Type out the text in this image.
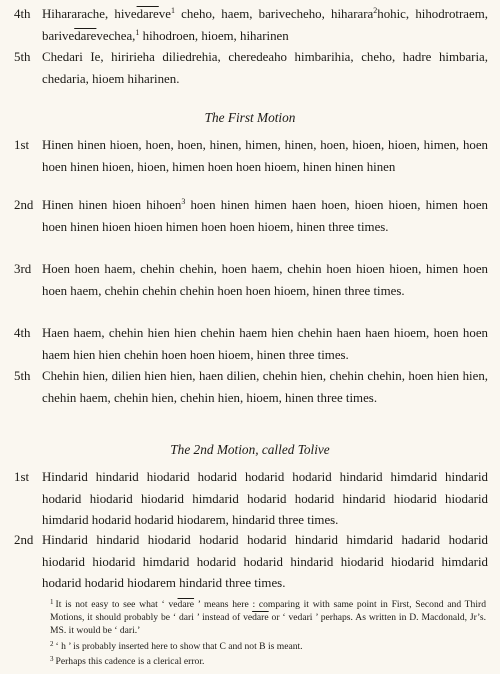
4th Hihararache, hivedareve$^1$ cheho, haem, barivecheho, hiharara$^2$hohic, hihodrotraem, barivedarevechea,$^1$ hihodroen, hioem, hiharinen
5th Chedari Ie, hiririeha diliedrehia, cheredeaho himbarihia, cheho, hadre himbaria, chedaria, hioem hiharinen.
The First Motion
1st	Hinen hinen hioen, hoen, hoen, hinen, himen, hinen, hoen, hioen, hioen, himen, hoen hoen hinen hioen, hioen, himen hoen hoen hioem, hinen hinen hinen
2nd Hinen hinen hioen hihoen$^3$ hoen hinen himen haen hoen, hioen hioen, himen hoen hoen hinen hioen hioen himen hoen hoen hioem, hinen three times.
3rd Hoen hoen haem, chehin chehin, hoen haem, chehin hoen hioen hioen, himen hoen hoen haem, chehin chehin chehin hoen hoen hioem, hinen three times.
4th Haen haem, chehin hien hien chehin haem hien chehin haen haen hioem, hoen hoen haem hien hien chehin hoen hoen hioem, hinen three times.
5th Chehin hien, dilien hien hien, haen dilien, chehin hien, chehin chehin, hoen hien hien, chehin haem, chehin hien, chehin hien, hioem, hinen three times.
The 2nd Motion, called Tolive
1st	Hindarid hindarid hiodarid hodarid hodarid hodarid hindarid himdarid hindarid hodarid hiodarid hiodarid himdarid hodarid hodarid hindarid hiodarid hiodarid himdarid hodarid hodarid hiodarem, hindarid three times.
2nd Hindarid hindarid hiodarid hodarid hodarid hindarid himdarid hadarid hodarid hiodarid hiodarid himdarid hodarid hodarid hindarid hiodarid hiodarid himdarid hodarid hodarid hiodarem hindarid three times.
$^1$ It is not easy to see what ‘ vedare ’ means here : comparing it with same point in First, Second and Third Motions, it should probably be ‘ dari ’ instead of vedare or ‘ vedari ’ perhaps. As written in D. Macdonald, Jr’s. MS. it would be ‘ dari.’
$^2$ ‘ h ’ is probably inserted here to show that C and not B is meant.
$^3$ Perhaps this cadence is a clerical error.
